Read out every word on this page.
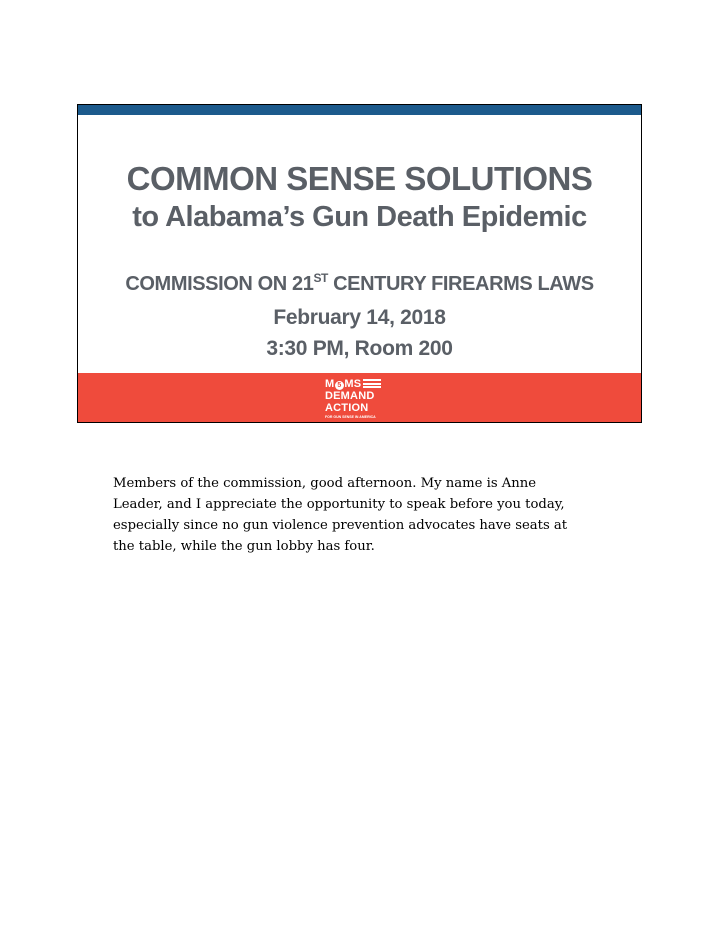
COMMON SENSE SOLUTIONS
to Alabama’s Gun Death Epidemic
COMMISSION ON 21ST CENTURY FIREARMS LAWS
February 14, 2018
3:30 PM, Room 200
M 5 MS
DEMAND
ACTION
FOR GUN SENSE IN AMERICA
Members of the commission, good afternoon. My name is Anne
Leader, and I appreciate the opportunity to speak before you today,
especially since no gun violence prevention advocates have seats at
the table, while the gun lobby has four.
